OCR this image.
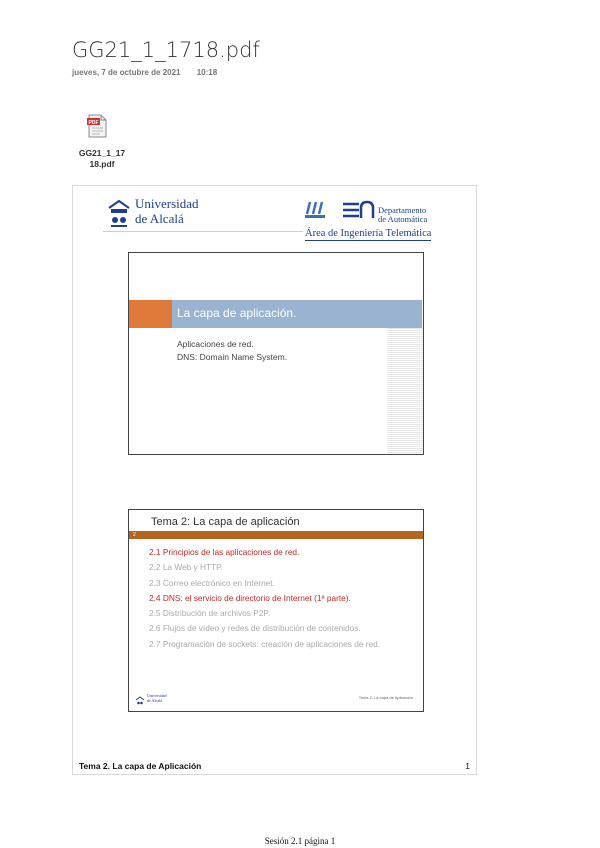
GG21_1_1718.pdf
jueves, 7 de octubre de 2021 10:18
PDF
GG21_1_17 18.pdf
Universidad
de Alcalá
Departamento
de Automática
Área de Ingeniería Telemática
La capa de aplicación.
Aplicaciones de red.
DNS: Domain Name System.
Tema 2: La capa de aplicación
2
2.1 Principios de las aplicaciones de red.
2.2 La Web y HTTP.
2.3 Correo electrónico en Internet.
2.4 DNS: el servicio de directorio de Internet (1ª parte).
2.5 Distribución de archivos P2P.
2.6 Flujos de vídeo y redes de distribución de contenidos.
2.7 Programación de sockets: creación de aplicaciones de red.
Universidad
de Alcalá
Tema 2: La capa de Aplicación
Tema 2. La capa de Aplicación	1
Sesión 2.1 página 1
